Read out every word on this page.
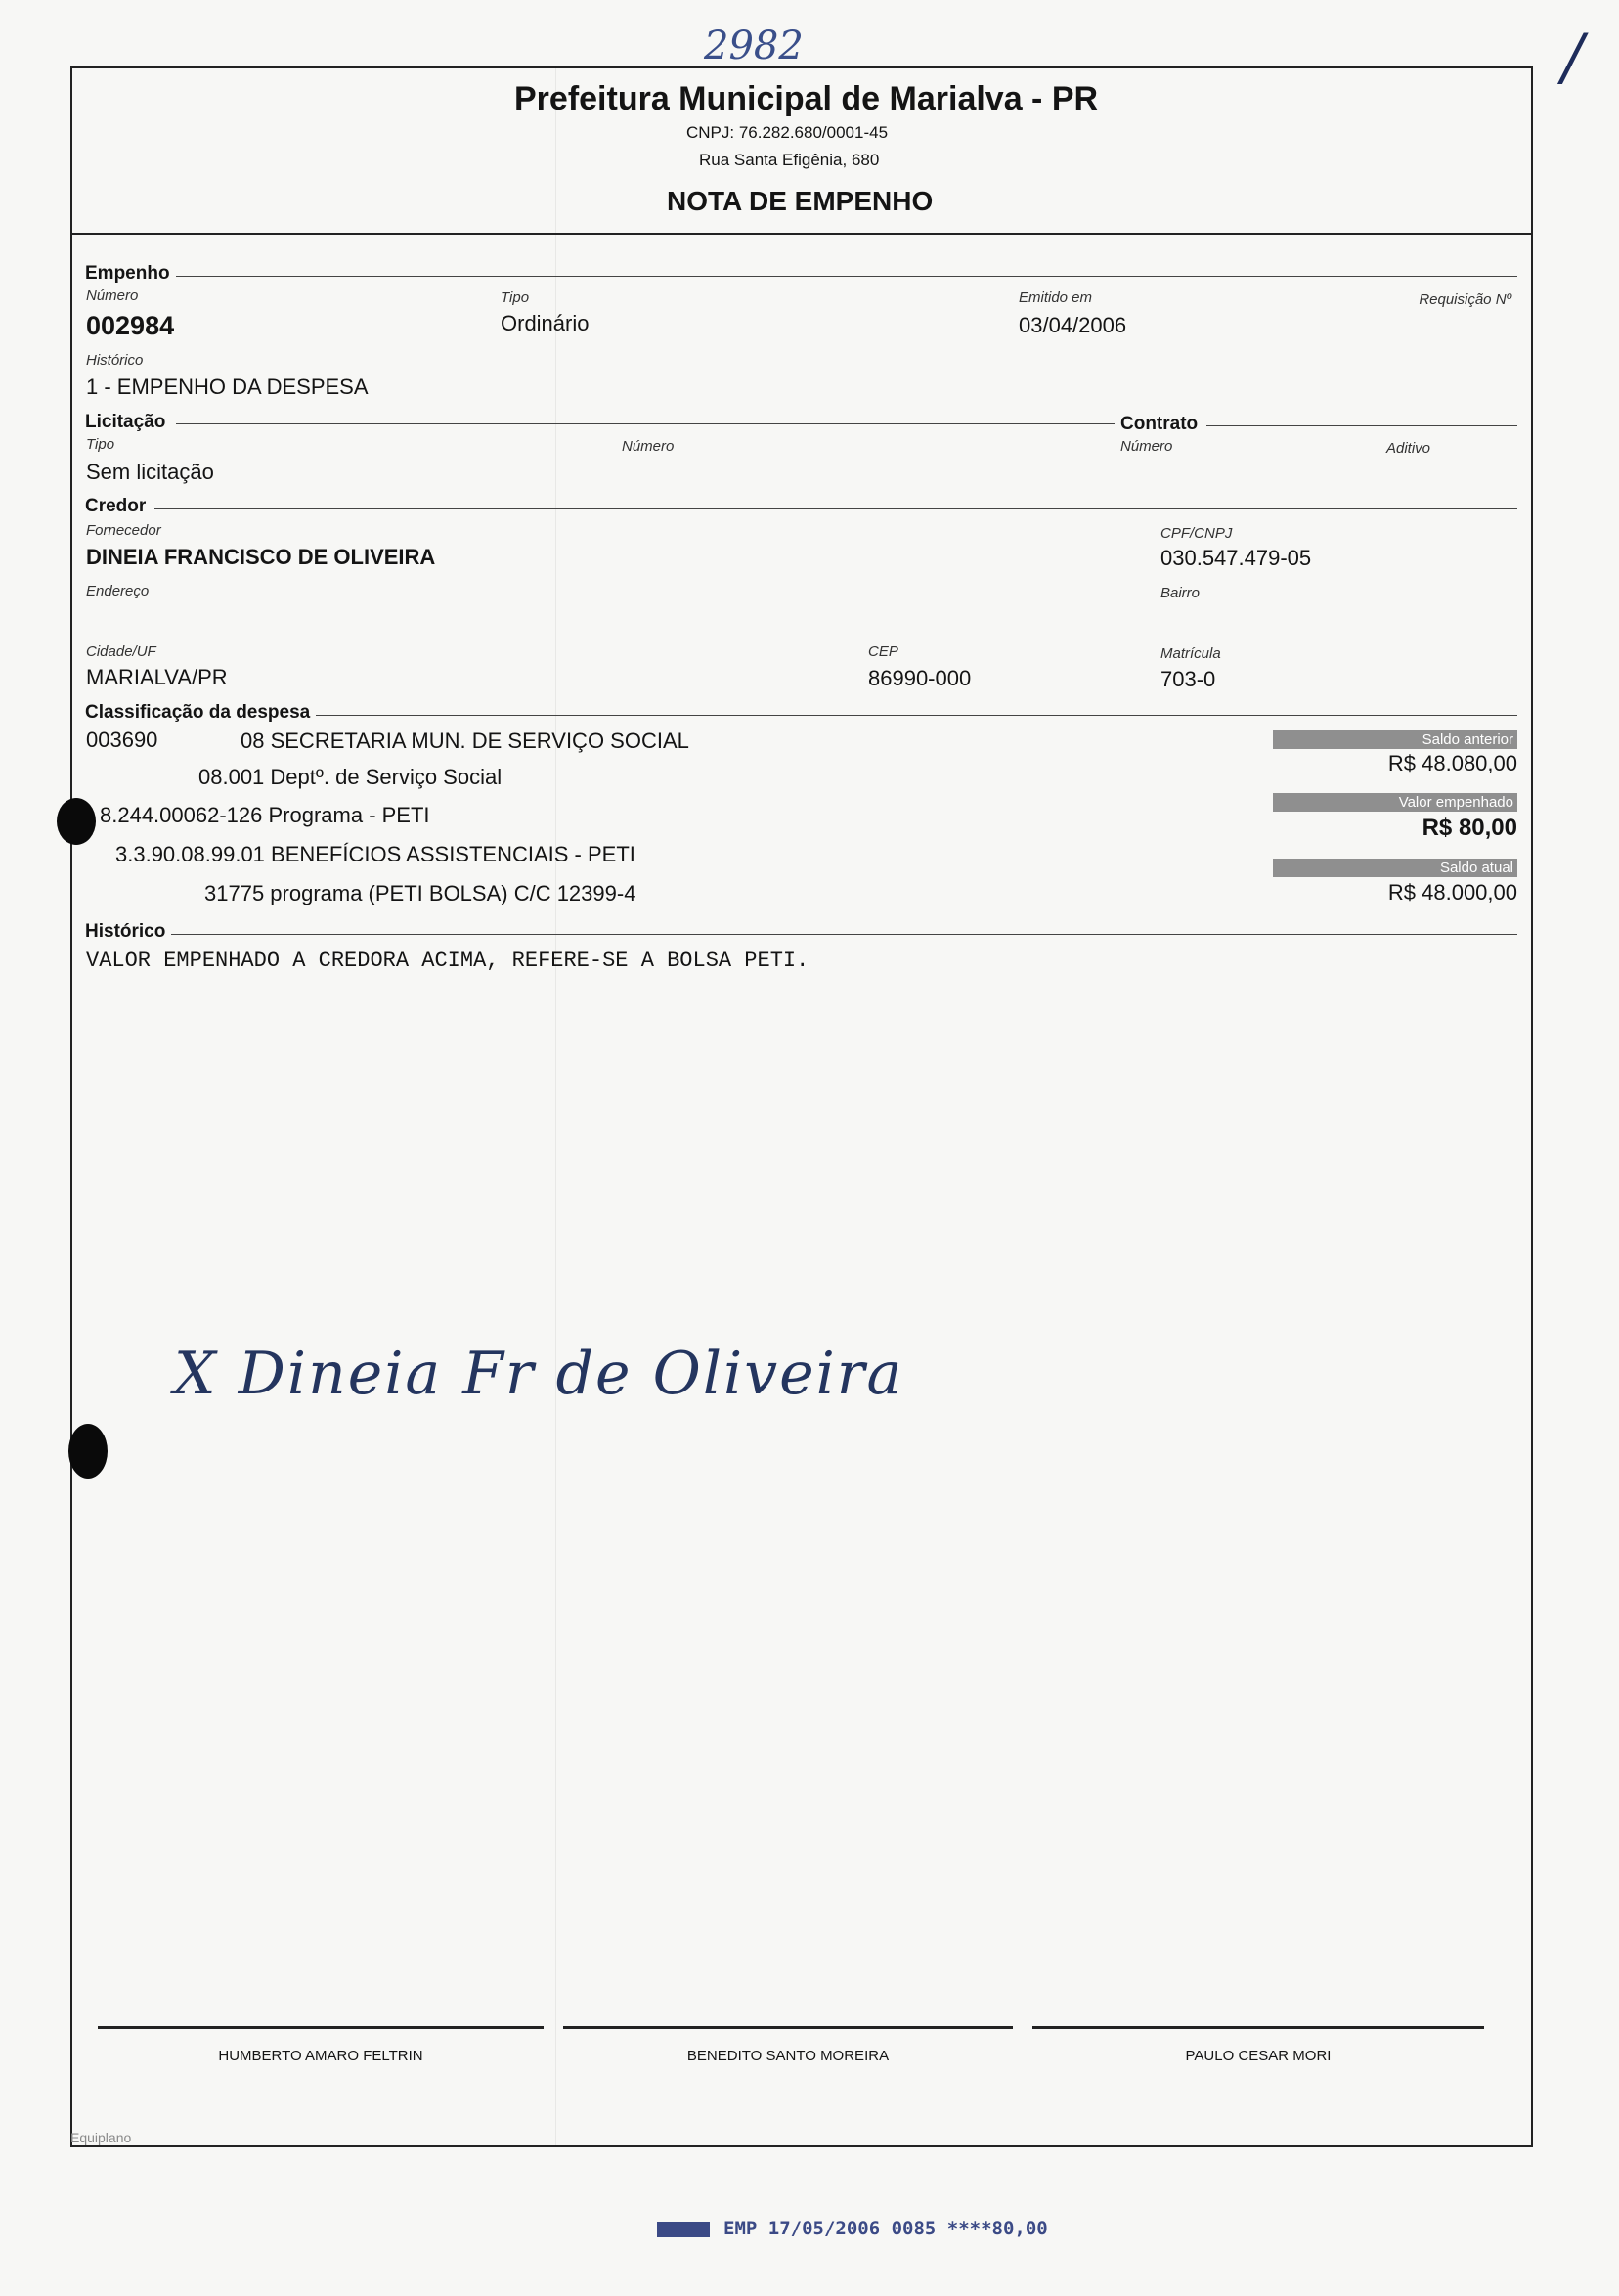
2982	/
Prefeitura Municipal de Marialva - PR
CNPJ: 76.282.680/0001-45
Rua Santa Efigênia, 680
NOTA DE EMPENHO
Empenho
Número
002984
Tipo
Ordinário
Emitido em
03/04/2006
Requisição Nº
Histórico
1 - EMPENHO DA DESPESA
Licitação
Tipo
Sem licitação
Número
Contrato
Número	Aditivo
Credor
Fornecedor
DINEIA FRANCISCO DE OLIVEIRA
CPF/CNPJ
030.547.479-05
Endereço	Bairro
Cidade/UF
MARIALVA/PR
CEP
86990-000
Matrícula
703-0
Classificação da despesa
003690	08 SECRETARIA MUN. DE SERVIÇO SOCIAL
08.001 Deptº. de Serviço Social
8.244.00062-126 Programa - PETI
3.3.90.08.99.01 BENEFÍCIOS ASSISTENCIAIS - PETI
31775 programa (PETI BOLSA) C/C 12399-4
Saldo anterior
R$ 48.080,00
Valor empenhado
R$ 80,00
Saldo atual
R$ 48.000,00
Histórico
VALOR EMPENHADO A CREDORA ACIMA, REFERE-SE A BOLSA PETI.
X Dineia Fr de Oliveira
HUMBERTO AMARO FELTRIN	BENEDITO SANTO MOREIRA	PAULO CESAR MORI
Equiplano
EMP 17/05/2006 0085 ****80,00
